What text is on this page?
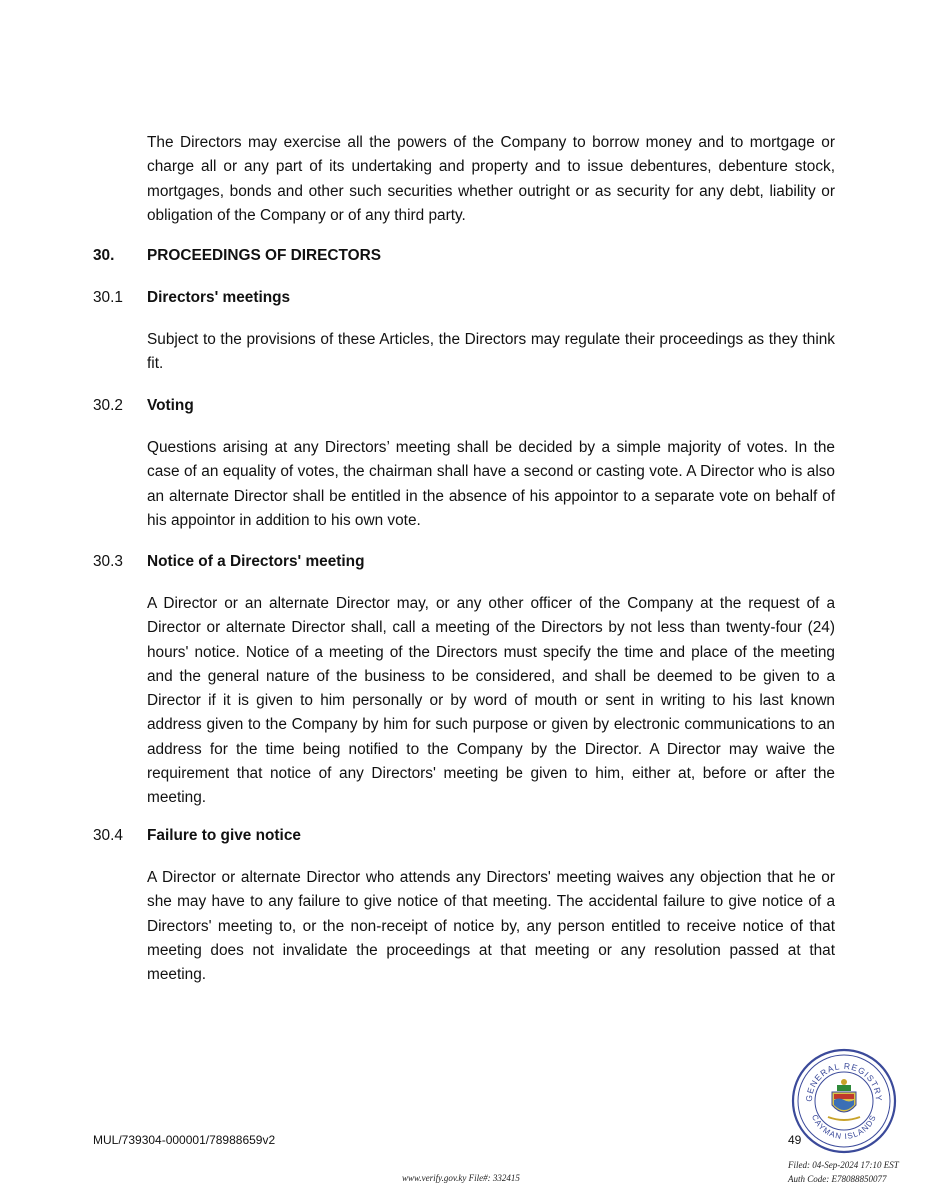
The Directors may exercise all the powers of the Company to borrow money and to mortgage or charge all or any part of its undertaking and property and to issue debentures, debenture stock, mortgages, bonds and other such securities whether outright or as security for any debt, liability or obligation of the Company or of any third party.

30. PROCEEDINGS OF DIRECTORS

30.1 Directors' meetings

Subject to the provisions of these Articles, the Directors may regulate their proceedings as they think fit.

30.2 Voting

Questions arising at any Directors’ meeting shall be decided by a simple majority of votes. In the case of an equality of votes, the chairman shall have a second or casting vote. A Director who is also an alternate Director shall be entitled in the absence of his appointor to a separate vote on behalf of his appointor in addition to his own vote.

30.3 Notice of a Directors' meeting

A Director or an alternate Director may, or any other officer of the Company at the request of a Director or alternate Director shall, call a meeting of the Directors by not less than twenty-four (24) hours' notice. Notice of a meeting of the Directors must specify the time and place of the meeting and the general nature of the business to be considered, and shall be deemed to be given to a Director if it is given to him personally or by word of mouth or sent in writing to his last known address given to the Company by him for such purpose or given by electronic communications to an address for the time being notified to the Company by the Director. A Director may waive the requirement that notice of any Directors' meeting be given to him, either at, before or after the meeting.

30.4 Failure to give notice

A Director or alternate Director who attends any Directors' meeting waives any objection that he or she may have to any failure to give notice of that meeting. The accidental failure to give notice of a Directors' meeting to, or the non-receipt of notice by, any person entitled to receive notice of that meeting does not invalidate the proceedings at that meeting or any resolution passed at that meeting.

MUL/739304-000001/78988659v2	49
GENERAL REGISTRY
CAYMAN ISLANDS
www.verify.gov.ky File#: 332415
Filed: 04-Sep-2024 17:10 EST
Auth Code: E78088850077
